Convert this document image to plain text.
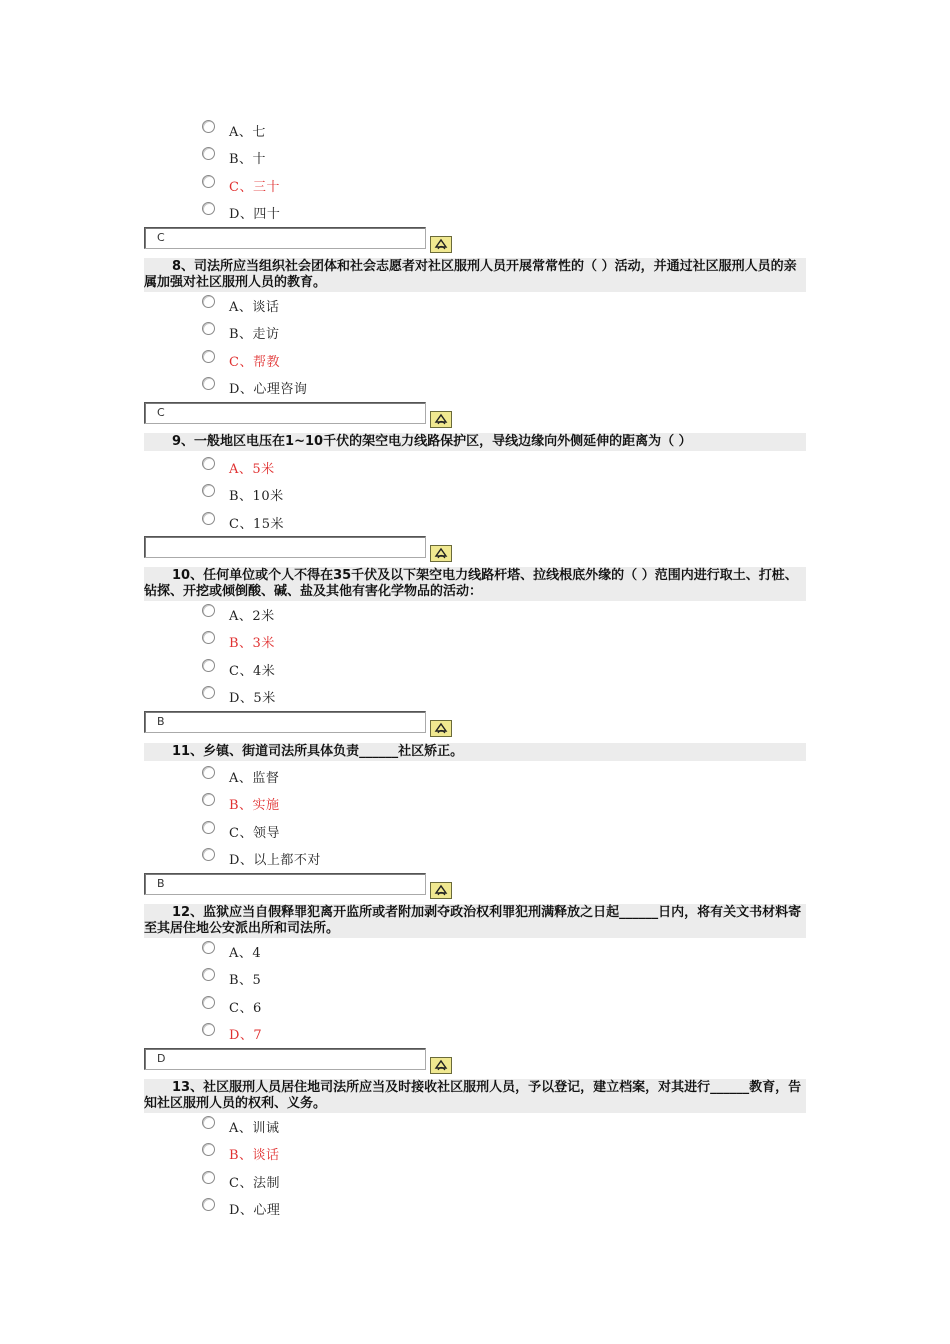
A、七
B、十
C、三十
D、四十
C
8、司法所应当组织社会团体和社会志愿者对社区服刑人员开展常常性的（ ）活动，并通过社区服刑人员的亲属加强对社区服刑人员的教育。
A、谈话
B、走访
C、帮教
D、心理咨询
C
9、一般地区电压在1~10千伏的架空电力线路保护区，导线边缘向外侧延伸的距离为（ ）
A、5米
B、10米
C、15米
10、任何单位或个人不得在35千伏及以下架空电力线路杆塔、拉线根底外缘的（ ）范围内进行取土、打桩、钻探、开挖或倾倒酸、碱、盐及其他有害化学物品的活动：
A、2米
B、3米
C、4米
D、5米
B
11、乡镇、街道司法所具体负责______社区矫正。
A、监督
B、实施
C、领导
D、以上都不对
B
12、监狱应当自假释罪犯离开监所或者附加剥夺政治权利罪犯刑满释放之日起______日内，将有关文书材料寄至其居住地公安派出所和司法所。
A、4
B、5
C、6
D、7
D
13、社区服刑人员居住地司法所应当及时接收社区服刑人员，予以登记，建立档案，对其进行______教育，告知社区服刑人员的权利、义务。
A、训诫
B、谈话
C、法制
D、心理
